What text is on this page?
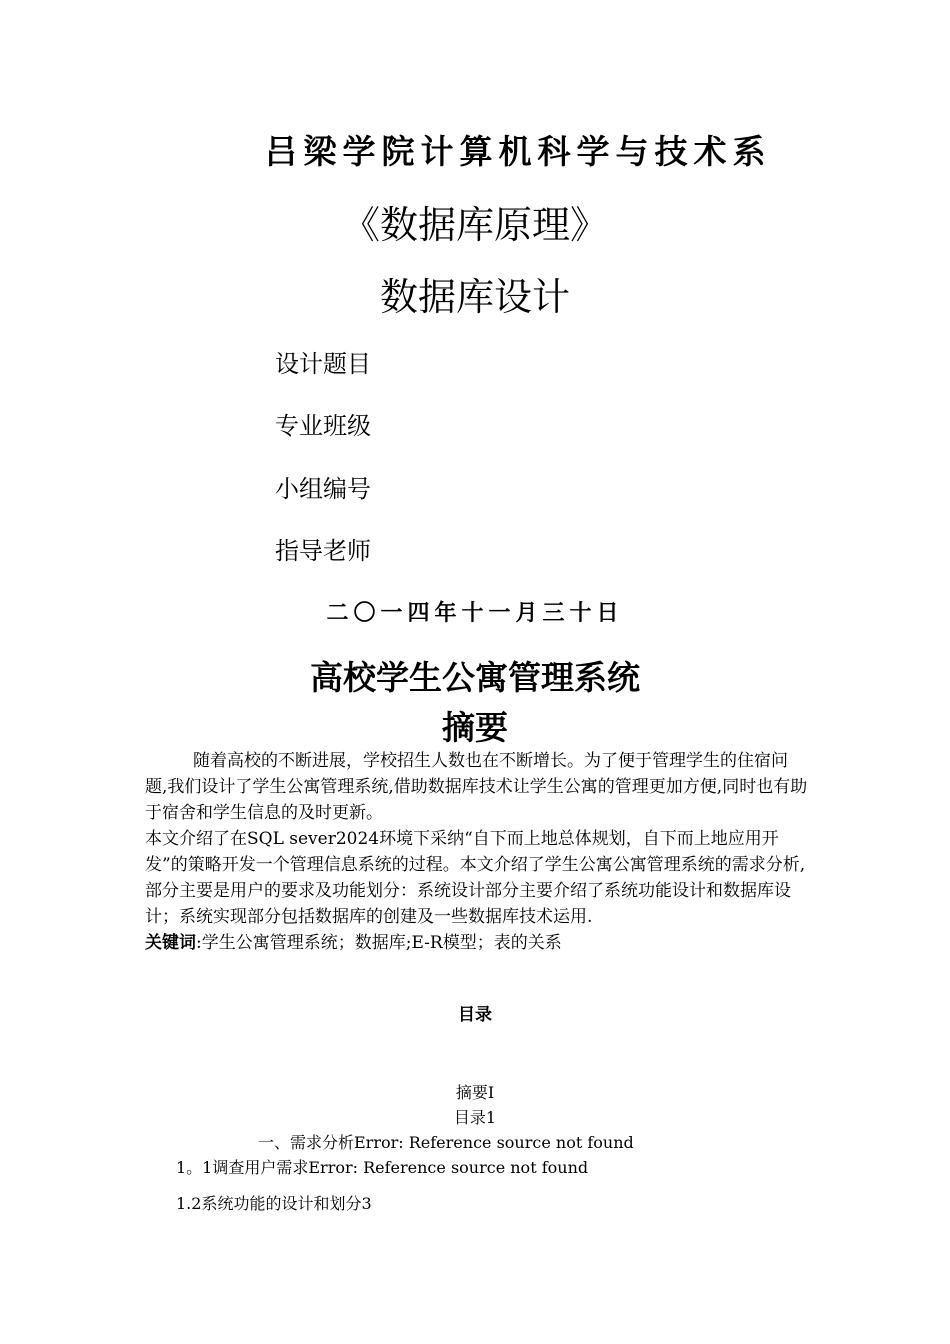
吕梁学院计算机科学与技术系
《数据库原理》
数据库设计
设计题目
专业班级
小组编号
指导老师
二〇一四年十一月三十日
高校学生公寓管理系统
摘要

随着高校的不断进展，学校招生人数也在不断增长。为了便于管理学生的住宿问题,我们设计了学生公寓管理系统,借助数据库技术让学生公寓的管理更加方便,同时也有助于宿舍和学生信息的及时更新。

本文介绍了在SQL sever2024环境下采纳“自下而上地总体规划，自下而上地应用开发”的策略开发一个管理信息系统的过程。本文介绍了学生公寓公寓管理系统的需求分析,部分主要是用户的要求及功能划分：系统设计部分主要介绍了系统功能设计和数据库设计；系统实现部分包括数据库的创建及一些数据库技术运用.

关键词:学生公寓管理系统；数据库;E-R模型；表的关系

目录
摘要Ⅰ
目录1
一、需求分析Error: Reference source not found
1。1调查用户需求Error: Reference source not found
1.2系统功能的设计和划分3
